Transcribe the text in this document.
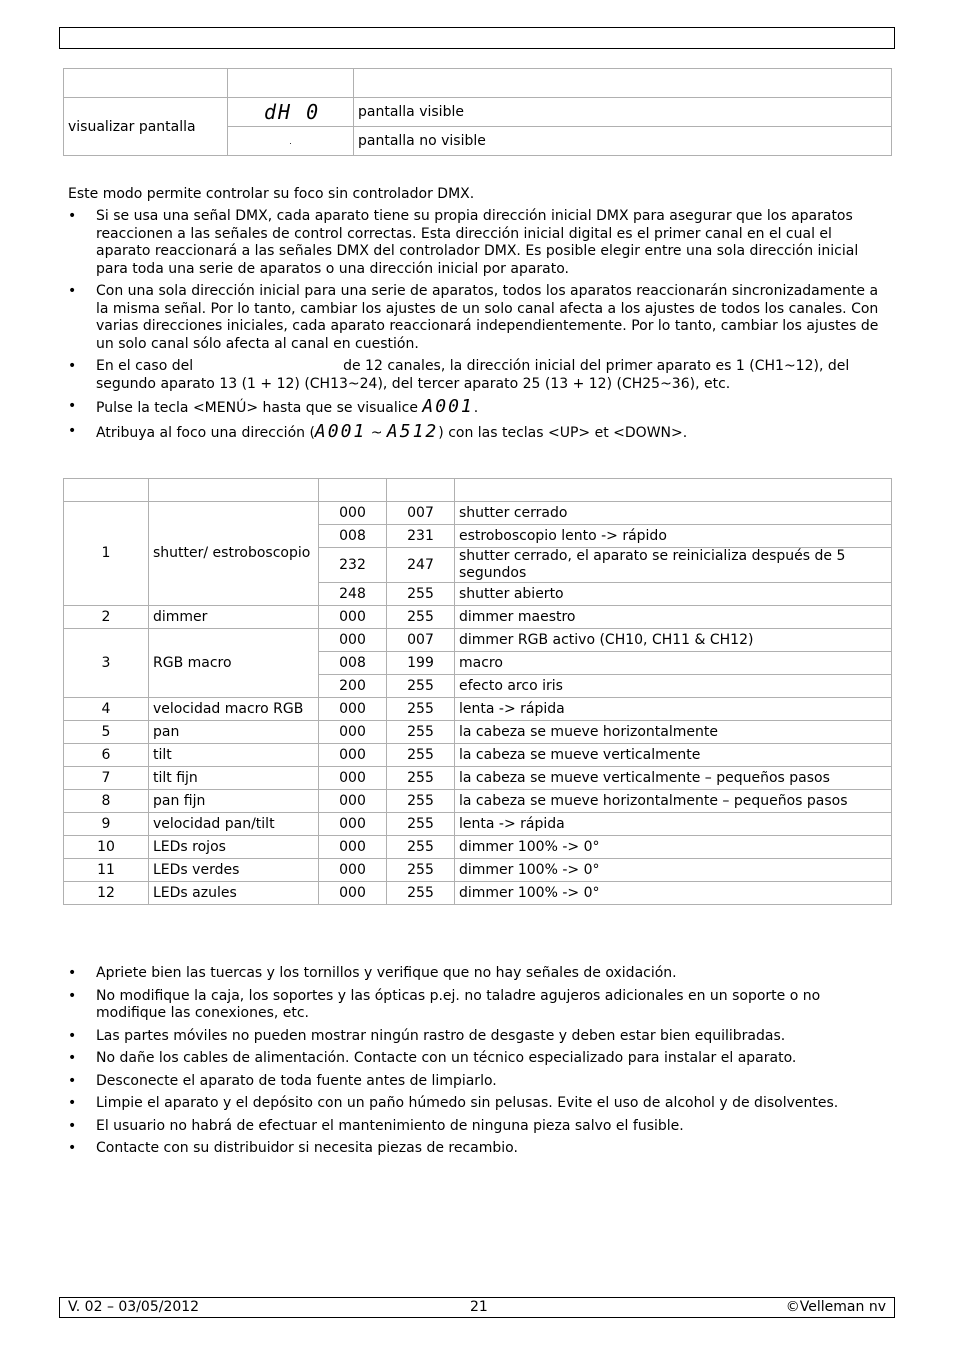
visualizar pantalla	dH 0	pantalla visible

	.	pantalla no visible

Este modo permite controlar su foco sin controlador DMX.

• Si se usa una señal DMX, cada aparato tiene su propia dirección inicial DMX para asegurar que los aparatos reaccionen a las señales de control correctas. Esta dirección inicial digital es el primer canal en el cual el aparato reaccionará a las señales DMX del controlador DMX. Es posible elegir entre una sola dirección inicial para toda una serie de aparatos o una dirección inicial por aparato.
• Con una sola dirección inicial para una serie de aparatos, todos los aparatos reaccionarán sincronizadamente a la misma señal. Por lo tanto, cambiar los ajustes de un solo canal afecta a los ajustes de todos los canales. Con varias direcciones iniciales, cada aparato reaccionará independientemente. Por lo tanto, cambiar los ajustes de un solo canal sólo afecta al canal en cuestión.
• En el caso del	de 12 canales, la dirección inicial del primer aparato es 1 (CH1~12), del segundo aparato 13 (1 + 12) (CH13~24), del tercer aparato 25 (13 + 12) (CH25~36), etc.
• Pulse la tecla <MENÚ> hasta que se visualice A001.
• Atribuya al foco una dirección (A001 ~ A512) con las teclas <UP> et <DOWN>.

1	shutter/ estroboscopio	000	007	shutter cerrado
		008	231	estroboscopio lento -> rápido
		232	247	shutter cerrado, el aparato se reinicializa después de 5 segundos
		248	255	shutter abierto
2	dimmer	000	255	dimmer maestro
3	RGB macro	000	007	dimmer RGB activo (CH10, CH11 & CH12)
		008	199	macro
		200	255	efecto arco iris
4	velocidad macro RGB	000	255	lenta -> rápida
5	pan	000	255	la cabeza se mueve horizontalmente
6	tilt	000	255	la cabeza se mueve verticalmente
7	tilt fijn	000	255	la cabeza se mueve verticalmente – pequeños pasos
8	pan fijn	000	255	la cabeza se mueve horizontalmente – pequeños pasos
9	velocidad pan/tilt	000	255	lenta -> rápida
10	LEDs rojos	000	255	dimmer 100% -> 0°
11	LEDs verdes	000	255	dimmer 100% -> 0°
12	LEDs azules	000	255	dimmer 100% -> 0°
• Apriete bien las tuercas y los tornillos y verifique que no hay señales de oxidación.
• No modifique la caja, los soportes y las ópticas p.ej. no taladre agujeros adicionales en un soporte o no modifique las conexiones, etc.
• Las partes móviles no pueden mostrar ningún rastro de desgaste y deben estar bien equilibradas.
• No dañe los cables de alimentación. Contacte con un técnico especializado para instalar el aparato.
• Desconecte el aparato de toda fuente antes de limpiarlo.
• Limpie el aparato y el depósito con un paño húmedo sin pelusas. Evite el uso de alcohol y de disolventes.
• El usuario no habrá de efectuar el mantenimiento de ninguna pieza salvo el fusible.
• Contacte con su distribuidor si necesita piezas de recambio.
V. 02 – 03/05/2012	21	©Velleman nv
